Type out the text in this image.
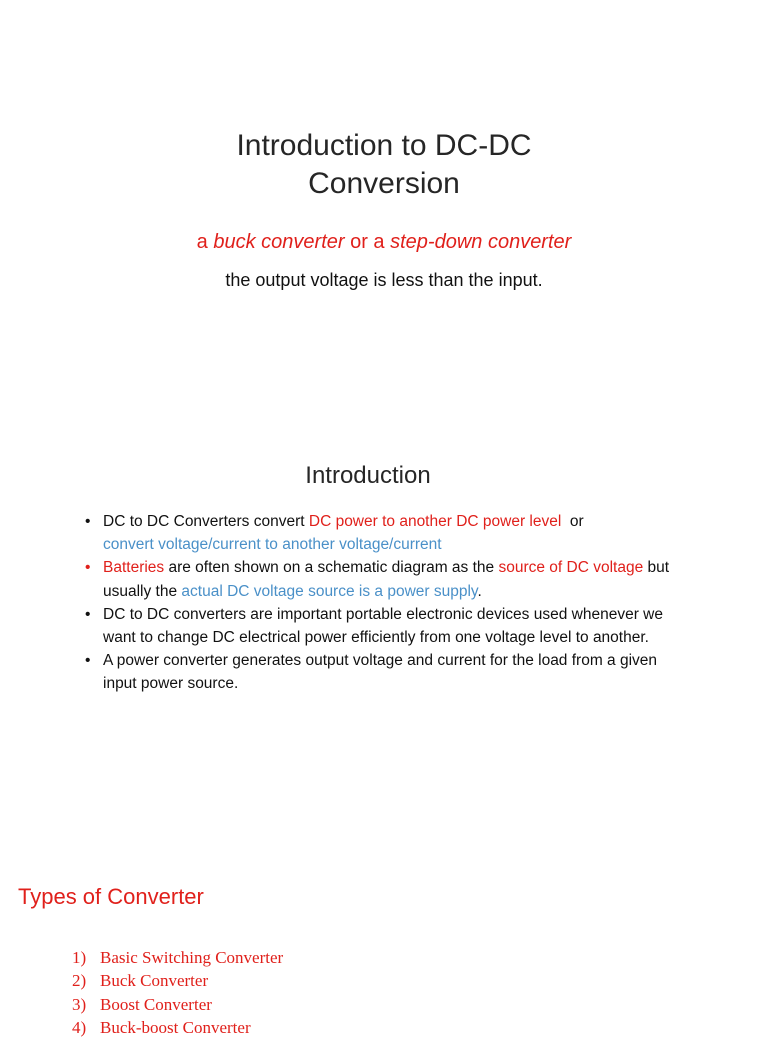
Introduction to DC-DC
Conversion
a buck converter or a step-down converter
the output voltage is less than the input.
Introduction
• DC to DC Converters convert DC power to another DC power level  or
convert voltage/current to another voltage/current
• Batteries are often shown on a schematic diagram as the source of DC voltage but usually the actual DC voltage source is a power supply.
• DC to DC converters are important portable electronic devices used whenever we want to change DC electrical power efficiently from one voltage level to another.
• A power converter generates output voltage and current for the load from a given input power source.
Types of Converter
1) Basic Switching Converter
2) Buck Converter
3) Boost Converter
4) Buck-boost Converter
